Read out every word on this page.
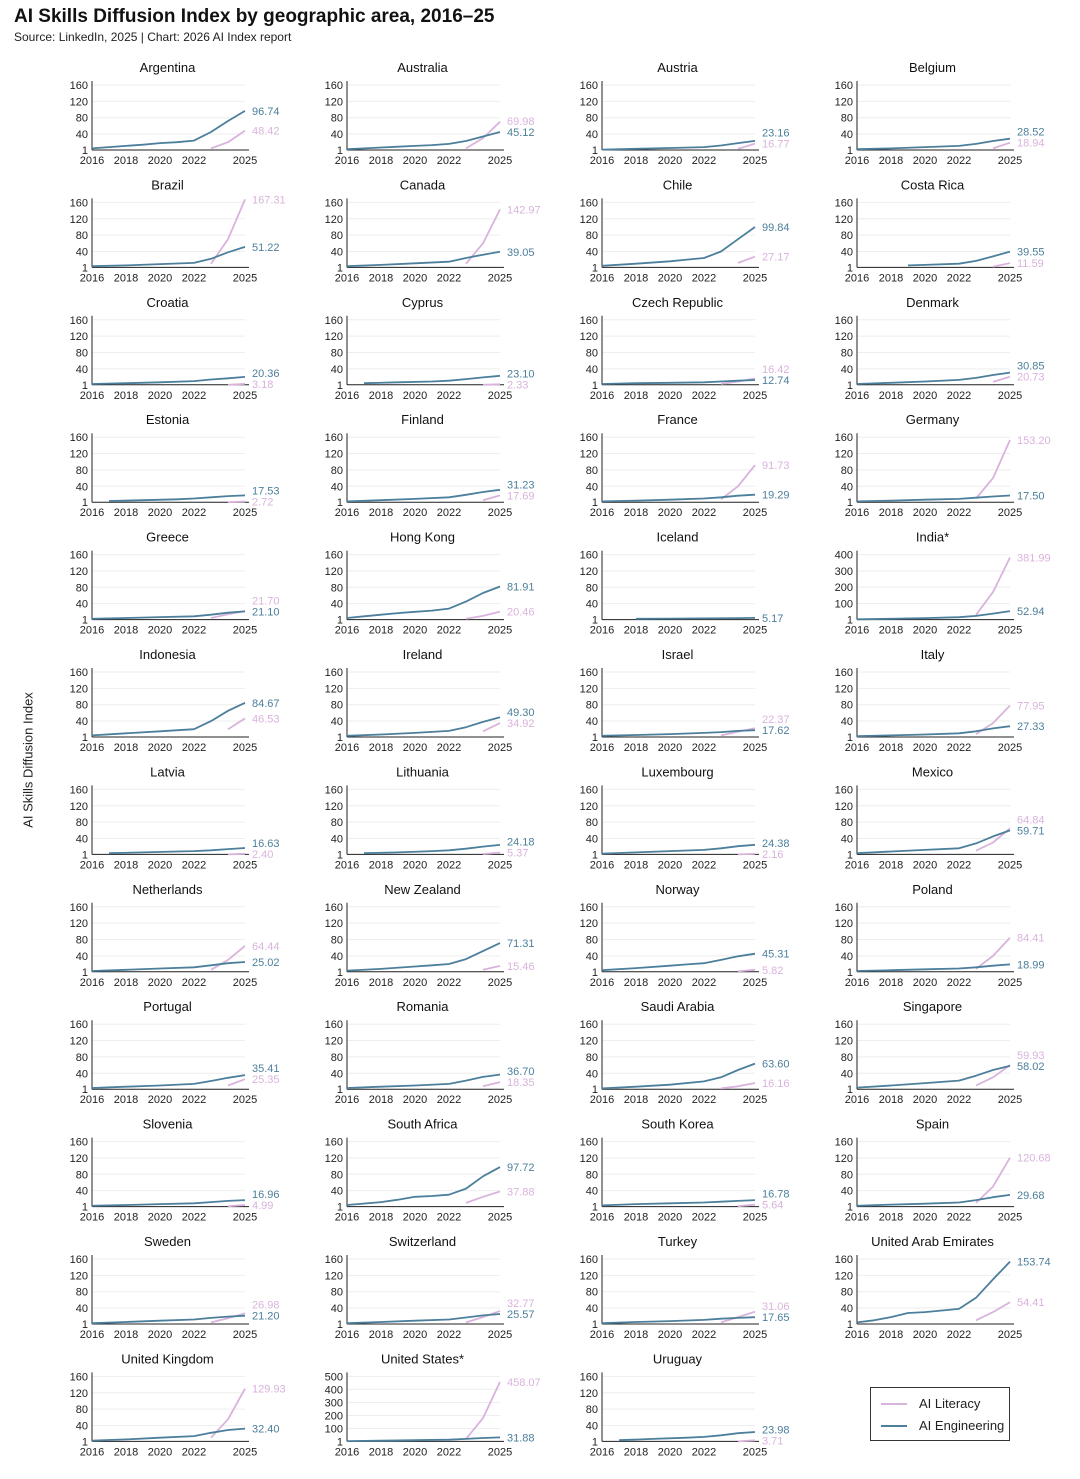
AI Skills Diffusion Index by geographic area, 2016–25
Source: LinkedIn, 2025 | Chart: 2026 AI Index report
AI Skills Diffusion Index
Argentina
1
40
80
120
160
2016 2018 2020 2022 2025
96.74
48.42
Australia
1
40
80
120
160
2016 2018 2020 2022 2025
45.12
69.98
Austria
1
40
80
120
160
2016 2018 2020 2022 2025
23.16
16.77
Belgium
1
40
80
120
160
2016 2018 2020 2022 2025
28.52
18.94
Brazil
1
40
80
120
160
2016 2018 2020 2022 2025
51.22
167.31
Canada
1
40
80
120
160
2016 2018 2020 2022 2025
39.05
142.97
Chile
1
40
80
120
160
2016 2018 2020 2022 2025
99.84
27.17
Costa Rica
1
40
80
120
160
2016 2018 2020 2022 2025
39.55
11.59
Croatia
1
40
80
120
160
2016 2018 2020 2022 2025
20.36
3.18
Cyprus
1
40
80
120
160
2016 2018 2020 2022 2025
23.10
2.33
Czech Republic
1
40
80
120
160
2016 2018 2020 2022 2025
12.74
16.42
Denmark
1
40
80
120
160
2016 2018 2020 2022 2025
30.85
20.73
Estonia
1
40
80
120
160
2016 2018 2020 2022 2025
17.53
2.72
Finland
1
40
80
120
160
2016 2018 2020 2022 2025
31.23
17.69
France
1
40
80
120
160
2016 2018 2020 2022 2025
19.29
91.73
Germany
1
40
80
120
160
2016 2018 2020 2022 2025
17.50
153.20
Greece
1
40
80
120
160
2016 2018 2020 2022 2025
21.10
21.70
Hong Kong
1
40
80
120
160
2016 2018 2020 2022 2025
81.91
20.46
Iceland
1
40
80
120
160
2016 2018 2020 2022 2025
5.17
India*
1
100
200
300
400
2016 2018 2020 2022 2025
52.94
381.99
Indonesia
1
40
80
120
160
2016 2018 2020 2022 2025
84.67
46.53
Ireland
1
40
80
120
160
2016 2018 2020 2022 2025
49.30
34.92
Israel
1
40
80
120
160
2016 2018 2020 2022 2025
17.62
22.37
Italy
1
40
80
120
160
2016 2018 2020 2022 2025
27.33
77.95
Latvia
1
40
80
120
160
2016 2018 2020 2022 2025
16.63
2.40
Lithuania
1
40
80
120
160
2016 2018 2020 2022 2025
24.18
5.37
Luxembourg
1
40
80
120
160
2016 2018 2020 2022 2025
24.38
2.16
Mexico
1
40
80
120
160
2016 2018 2020 2022 2025
59.71
64.84
Netherlands
1
40
80
120
160
2016 2018 2020 2022 2025
25.02
64.44
New Zealand
1
40
80
120
160
2016 2018 2020 2022 2025
71.31
15.46
Norway
1
40
80
120
160
2016 2018 2020 2022 2025
45.31
5.82
Poland
1
40
80
120
160
2016 2018 2020 2022 2025
18.99
84.41
Portugal
1
40
80
120
160
2016 2018 2020 2022 2025
35.41
25.35
Romania
1
40
80
120
160
2016 2018 2020 2022 2025
36.70
18.35
Saudi Arabia
1
40
80
120
160
2016 2018 2020 2022 2025
63.60
16.16
Singapore
1
40
80
120
160
2016 2018 2020 2022 2025
58.02
59.93
Slovenia
1
40
80
120
160
2016 2018 2020 2022 2025
16.96
4.99
South Africa
1
40
80
120
160
2016 2018 2020 2022 2025
97.72
37.88
South Korea
1
40
80
120
160
2016 2018 2020 2022 2025
16.78
5.64
Spain
1
40
80
120
160
2016 2018 2020 2022 2025
29.68
120.68
Sweden
1
40
80
120
160
2016 2018 2020 2022 2025
21.20
26.98
Switzerland
1
40
80
120
160
2016 2018 2020 2022 2025
25.57
32.77
Turkey
1
40
80
120
160
2016 2018 2020 2022 2025
17.65
31.06
United Arab Emirates
1
40
80
120
160
2016 2018 2020 2022 2025
153.74
54.41
United Kingdom
1
40
80
120
160
2016 2018 2020 2022 2025
32.40
129.93
United States*
1
100
200
300
400
500
2016 2018 2020 2022 2025
31.88
458.07
Uruguay
1
40
80
120
160
2016 2018 2020 2022 2025
23.98
3.71
AI Literacy
AI Engineering
